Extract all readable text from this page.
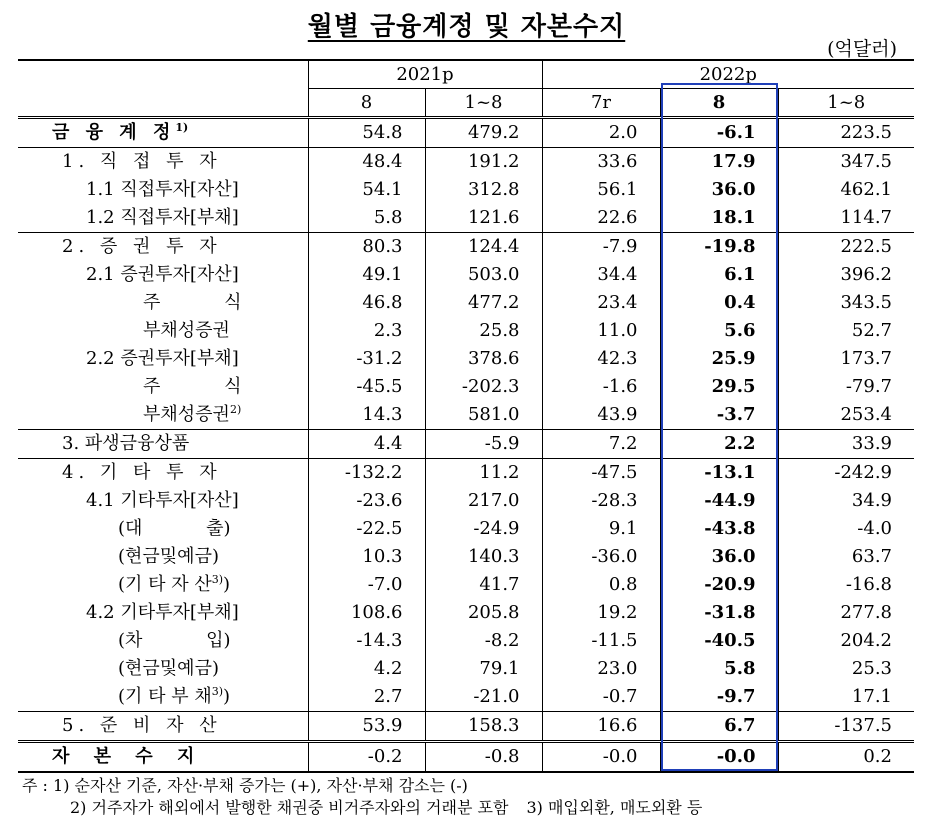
월별 금융계정 및 자본수지
(억달러)
	2021p		2022p		
	8	1~8	7r	8	1~8
금 융 계 정$^{1)}$	54.8	479.2	2.0	-6.1	223.5
1. 직 접 투 자	48.4	191.2	33.6	17.9	347.5
1.1 직접투자[자산]	54.1	312.8	56.1	36.0	462.1
1.2 직접투자[부채]	5.8	121.6	22.6	18.1	114.7
2. 증 권 투 자	80.3	124.4	-7.9	-19.8	222.5
2.1 증권투자[자산]	49.1	503.0	34.4	6.1	396.2
주 식	46.8	477.2	23.4	0.4	343.5
부채성증권	2.3	25.8	11.0	5.6	52.7
2.2 증권투자[부채]	-31.2	378.6	42.3	25.9	173.7
주 식	-45.5	-202.3	-1.6	29.5	-79.7
부채성증권$^{2)}$	14.3	581.0	43.9	-3.7	253.4
3. 파생금융상품	4.4	-5.9	7.2	2.2	33.9
4. 기 타 투 자	-132.2	11.2	-47.5	-13.1	-242.9
4.1 기타투자[자산]	-23.6	217.0	-28.3	-44.9	34.9
(대 출)	-22.5	-24.9	9.1	-43.8	-4.0
(현금및예금)	10.3	140.3	-36.0	36.0	63.7
(기 타 자 산$^{3)}$)	-7.0	41.7	0.8	-20.9	-16.8
4.2 기타투자[부채]	108.6	205.8	19.2	-31.8	277.8
(차 입)	-14.3	-8.2	-11.5	-40.5	204.2
(현금및예금)	4.2	79.1	23.0	5.8	25.3
(기 타 부 채$^{3)}$)	2.7	-21.0	-0.7	-9.7	17.1
5. 준 비 자 산	53.9	158.3	16.6	6.7	-137.5
자 본 수 지	-0.2	-0.8	-0.0	-0.0	0.2
주 : 1) 순자산 기준, 자산·부채 증가는 (+), 자산·부채 감소는 (-)
2) 거주자가 해외에서 발행한 채권중 비거주자와의 거래분 포함 3) 매입외환, 매도외환 등
